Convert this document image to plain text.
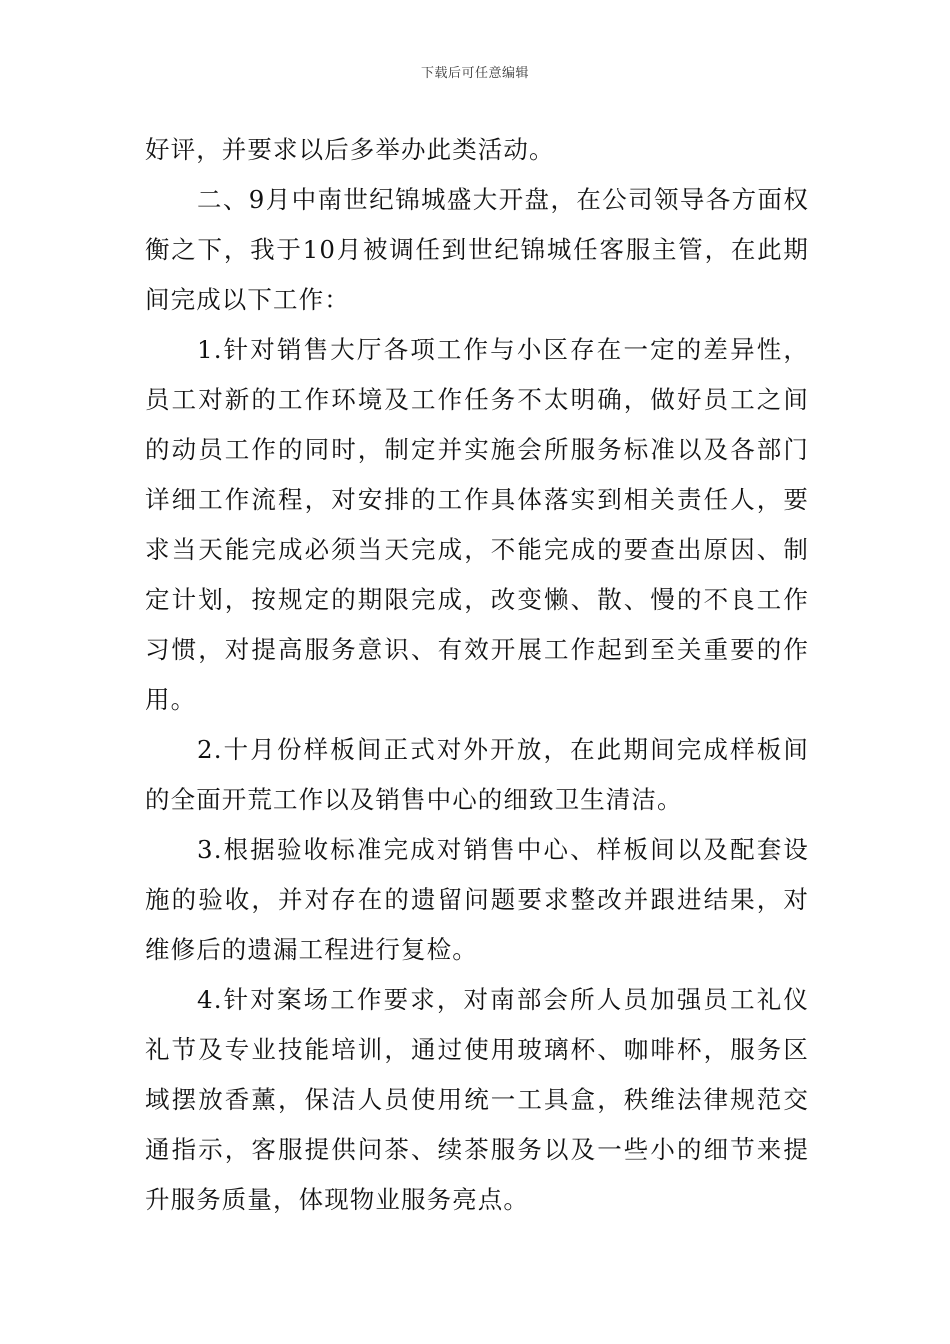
下载后可任意编辑

好评，并要求以后多举办此类活动。

二、9月中南世纪锦城盛大开盘，在公司领导各方面权衡之下，我于10月被调任到世纪锦城任客服主管，在此期间完成以下工作：

1.针对销售大厅各项工作与小区存在一定的差异性，员工对新的工作环境及工作任务不太明确，做好员工之间的动员工作的同时，制定并实施会所服务标准以及各部门详细工作流程，对安排的工作具体落实到相关责任人，要求当天能完成必须当天完成，不能完成的要查出原因、制定计划，按规定的期限完成，改变懒、散、慢的不良工作习惯，对提高服务意识、有效开展工作起到至关重要的作用。

2.十月份样板间正式对外开放，在此期间完成样板间的全面开荒工作以及销售中心的细致卫生清洁。

3.根据验收标准完成对销售中心、样板间以及配套设施的验收，并对存在的遗留问题要求整改并跟进结果，对维修后的遗漏工程进行复检。

4.针对案场工作要求，对南部会所人员加强员工礼仪礼节及专业技能培训，通过使用玻璃杯、咖啡杯，服务区域摆放香薰，保洁人员使用统一工具盒，秩维法律规范交通指示，客服提供问茶、续茶服务以及一些小的细节来提升服务质量，体现物业服务亮点。
